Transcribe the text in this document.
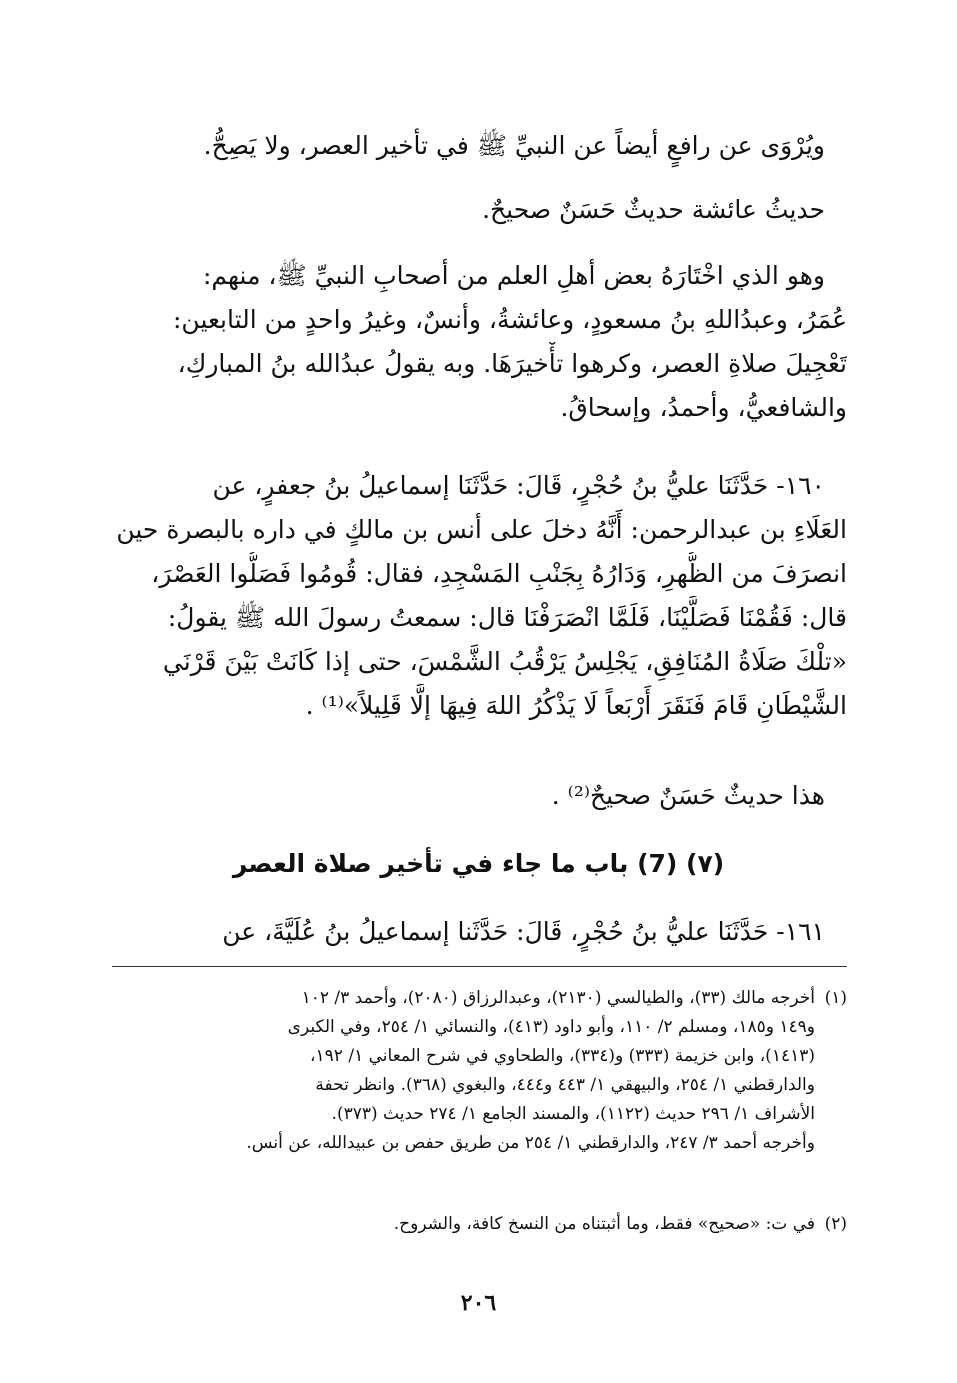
ويُرْوَى عن رافعٍ أيضاً عن النبيِّ ﷺ في تأخير العصر، ولا يَصِحُّ.
حديثُ عائشة حديثٌ حَسَنٌ صحيحٌ.
وهو الذي اخْتَارَهُ بعض أهلِ العلم من أصحابِ النبيِّ ﷺ، منهم:
عُمَرُ، وعبدُاللهِ بنُ مسعودٍ، وعائشةُ، وأنسٌ، وغيرُ واحدٍ من التابعين:
تَعْجِيلَ صلاةِ العصر، وكرهوا تأْخيرَهَا. وبه يقولُ عبدُالله بنُ المباركِ،
والشافعيُّ، وأحمدُ، وإسحاقُ.
١٦٠- حَدَّثَنَا عليُّ بنُ حُجْرٍ، قَالَ: حَدَّثَنَا إسماعيلُ بنُ جعفرٍ، عن
العَلَاءِ بن عبدالرحمن: أَنَّهُ دخلَ على أنس بن مالكٍ في داره بالبصرة حين
انصرَفَ من الظُّهرِ، وَدَارُهُ بِجَنْبِ المَسْجِدِ، فقال: قُومُوا فَصَلُّوا العَصْرَ،
قال: فَقُمْنَا فَصَلَّيْنَا، فَلَمَّا انْصَرَفْنَا قال: سمعتُ رسولَ الله ﷺ يقولُ:
«تلْكَ صَلَاةُ المُنَافِقِ، يَجْلِسُ يَرْقُبُ الشَّمْسَ، حتى إذا كَانَتْ بَيْنَ قَرْنَي
الشَّيْطَانِ قَامَ فَنَقَرَ أَرْبَعاً لَا يَذْكُرُ اللهَ فِيهَا إلَّا قَلِيلاً»⁽¹⁾ .
هذا حديثٌ حَسَنٌ صحيحٌ⁽²⁾ .
(٧) (7) باب ما جاء في تأخير صلاة العصر
١٦١- حَدَّثَنَا عليُّ بنُ حُجْرٍ، قَالَ: حَدَّثَنا إسماعيلُ بنُ عُلَيَّةَ، عن
(١)أخرجه مالك (٣٣)، والطيالسي (٢١٣٠)، وعبدالرزاق (٢٠٨٠)، وأحمد ٣/ ١٠٢
و١٤٩ و١٨٥، ومسلم ٢/ ١١٠، وأبو داود (٤١٣)، والنسائي ١/ ٢٥٤، وفي الكبرى
(١٤١٣)، وابن خزيمة (٣٣٣) و(٣٣٤)، والطحاوي في شرح المعاني ١/ ١٩٢،
والدارقطني ١/ ٢٥٤، والبيهقي ١/ ٤٤٣ و٤٤٤، والبغوي (٣٦٨). وانظر تحفة
الأشراف ١/ ٢٩٦ حديث (١١٢٢)، والمسند الجامع ١/ ٢٧٤ حديث (٣٧٣).
وأخرجه أحمد ٣/ ٢٤٧، والدارقطني ١/ ٢٥٤ من طريق حفص بن عبيدالله، عن أنس.
(٢)في ت: «صحيح» فقط، وما أثبتناه من النسخ كافة، والشروح.
٢٠٦
